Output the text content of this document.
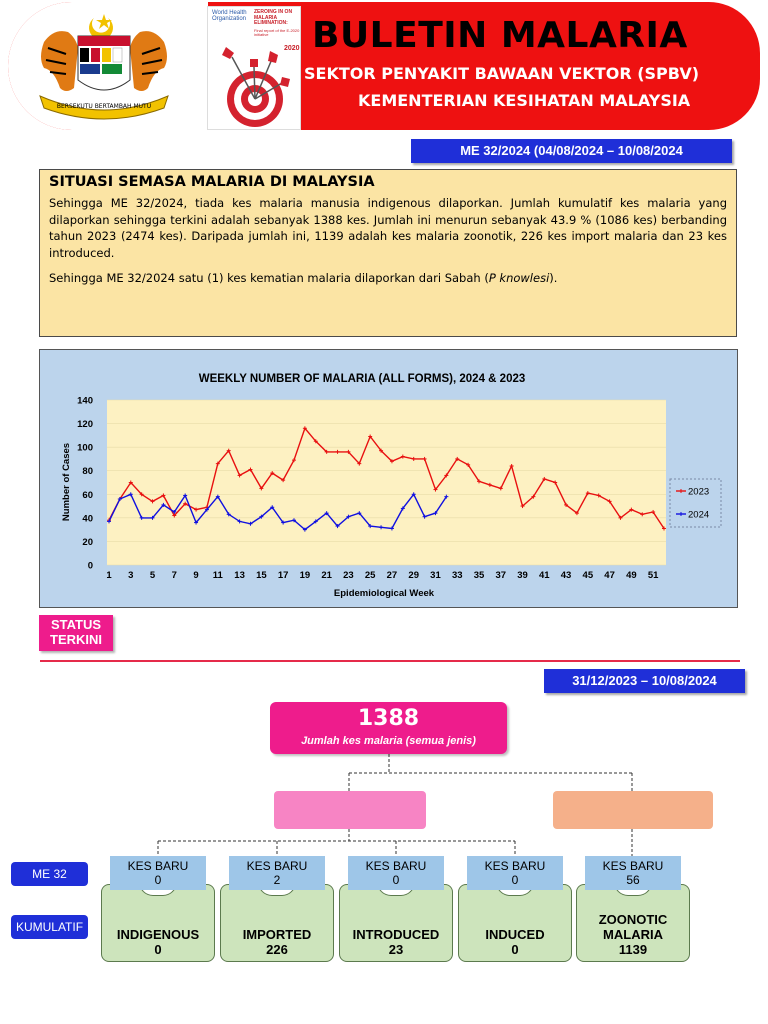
BERSEKUTU BERTAMBAH MUTU
World Health Organization
ZEROING IN ON MALARIA ELIMINATION:
Final report of the E-2020 initiative
2020 BULETIN MALARIA
SEKTOR PENYAKIT BAWAAN VEKTOR (SPBV)
KEMENTERIAN KESIHATAN MALAYSIA
ME 32/2024 (04/08/2024 – 10/08/2024
SITUASI SEMASA MALARIA DI MALAYSIA

Sehingga ME 32/2024, tiada kes malaria manusia indigenous dilaporkan. Jumlah kumulatif kes malaria yang dilaporkan sehingga terkini adalah sebanyak 1388 kes. Jumlah ini menurun sebanyak 43.9 % (1086 kes) berbanding tahun 2023 (2474 kes). Daripada jumlah ini, 1139 adalah kes malaria zoonotik, 226 kes import malaria dan 23 kes introduced.

Sehingga ME 32/2024 satu (1) kes kematian malaria dilaporkan dari Sabah (P knowlesi).

WEEKLY NUMBER OF MALARIA (ALL FORMS), 2024 & 2023
0
20
40
60
80
100
120
140
1 3 5 7 9 11 13 15 17 19 21 23 25 27 29 31 33 35 37 39 41 43 45 47 49 51
Number of Cases
Epidemiological Week
2023
2024
STATUS TERKINI
31/12/2023 – 10/08/2024
1388
Jumlah kes malaria (semua jenis)
ME 32
KUMULATIF	INDIGENOUS
0
KES BARU
0
IMPORTED
226
KES BARU
2
INTRODUCED
23
KES BARU
0
INDUCED
0
KES BARU
0
ZOONOTIC MALARIA
1139
KES BARU
56
